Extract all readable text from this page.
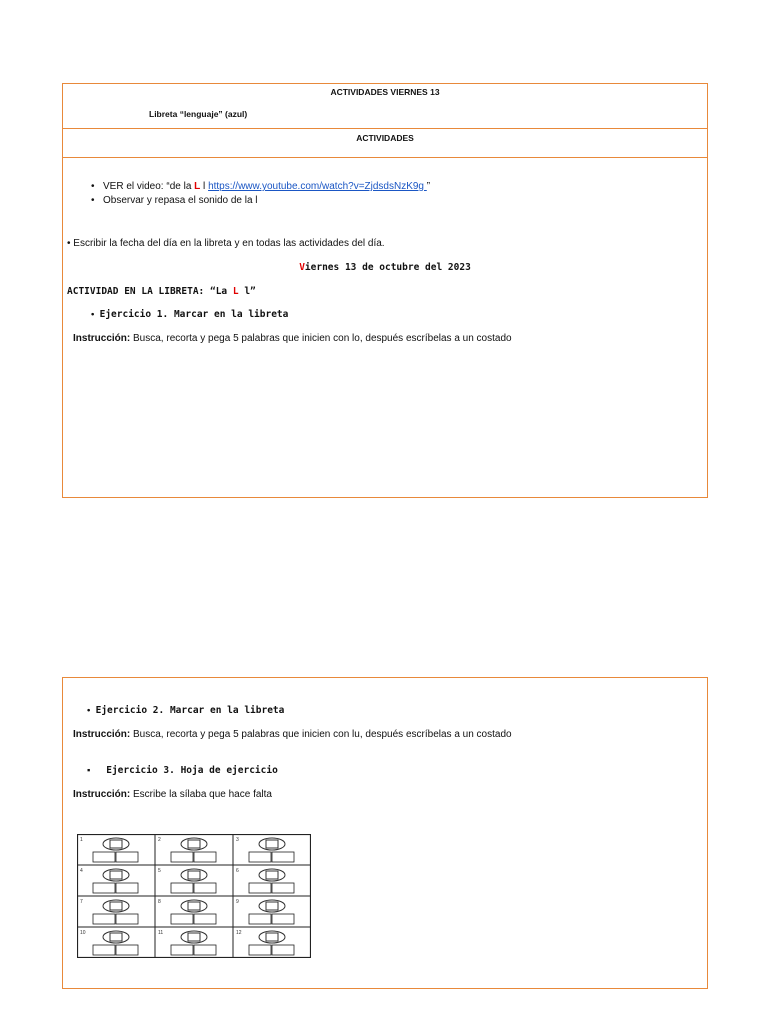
ACTIVIDADES VIERNES 13
Libreta “lenguaje” (azul)
ACTIVIDADES
• VER el video: “de la L l https://www.youtube.com/watch?v=ZjdsdsNzK9g ”
• Observar y repasa el sonido de la l
• Escribir la fecha del día en la libreta y en todas las actividades del día.
Viernes 13 de octubre del 2023
ACTIVIDAD EN LA LIBRETA: “La L l”
•  Ejercicio 1. Marcar en la libreta
Instrucción: Busca, recorta y pega 5 palabras que inicien con lo, después escríbelas a un costado
•  Ejercicio 2. Marcar en la libreta
Instrucción: Busca, recorta y pega 5 palabras que inicien con lu, después escríbelas a un costado
▪      Ejercicio 3. Hoja de ejercicio
Instrucción: Escribe la sílaba que hace falta
1	2	3
4	5	6
7	8	9
10	11	12
